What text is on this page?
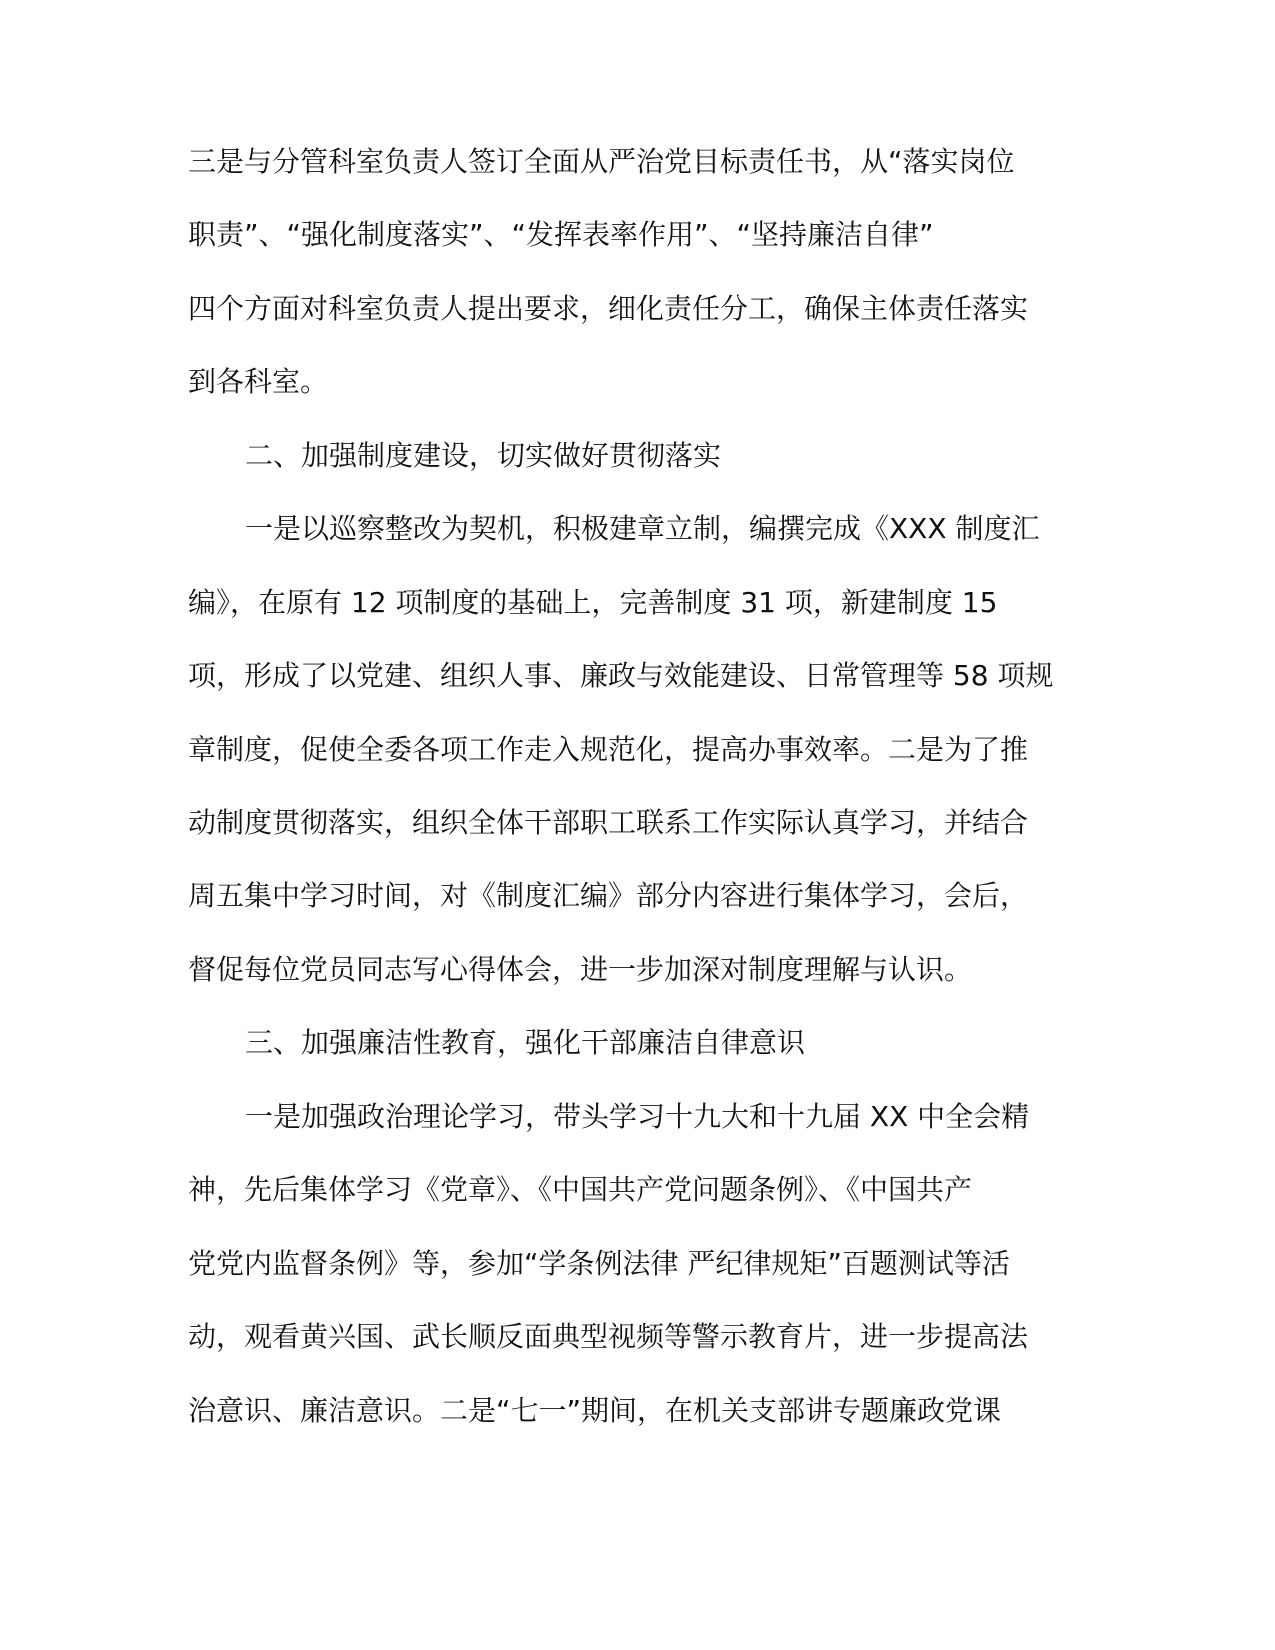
三是与分管科室负责人签订全面从严治党目标责任书，从“落实岗位

职责”、“强化制度落实”、“发挥表率作用”、“坚持廉洁自律”

四个方面对科室负责人提出要求，细化责任分工，确保主体责任落实

到各科室。

二、加强制度建设，切实做好贯彻落实

一是以巡察整改为契机，积极建章立制，编撰完成《XXX 制度汇

编》，在原有 12 项制度的基础上，完善制度 31 项，新建制度 15

项，形成了以党建、组织人事、廉政与效能建设、日常管理等 58 项规

章制度，促使全委各项工作走入规范化，提高办事效率。二是为了推

动制度贯彻落实，组织全体干部职工联系工作实际认真学习，并结合

周五集中学习时间，对《制度汇编》部分内容进行集体学习，会后，

督促每位党员同志写心得体会，进一步加深对制度理解与认识。

三、加强廉洁性教育，强化干部廉洁自律意识

一是加强政治理论学习，带头学习十九大和十九届 XX 中全会精

神，先后集体学习《党章》、《中国共产党问题条例》、《中国共产

党党内监督条例》等，参加“学条例法律 严纪律规矩”百题测试等活

动，观看黄兴国、武长顺反面典型视频等警示教育片，进一步提高法

治意识、廉洁意识。二是“七一”期间，在机关支部讲专题廉政党课
